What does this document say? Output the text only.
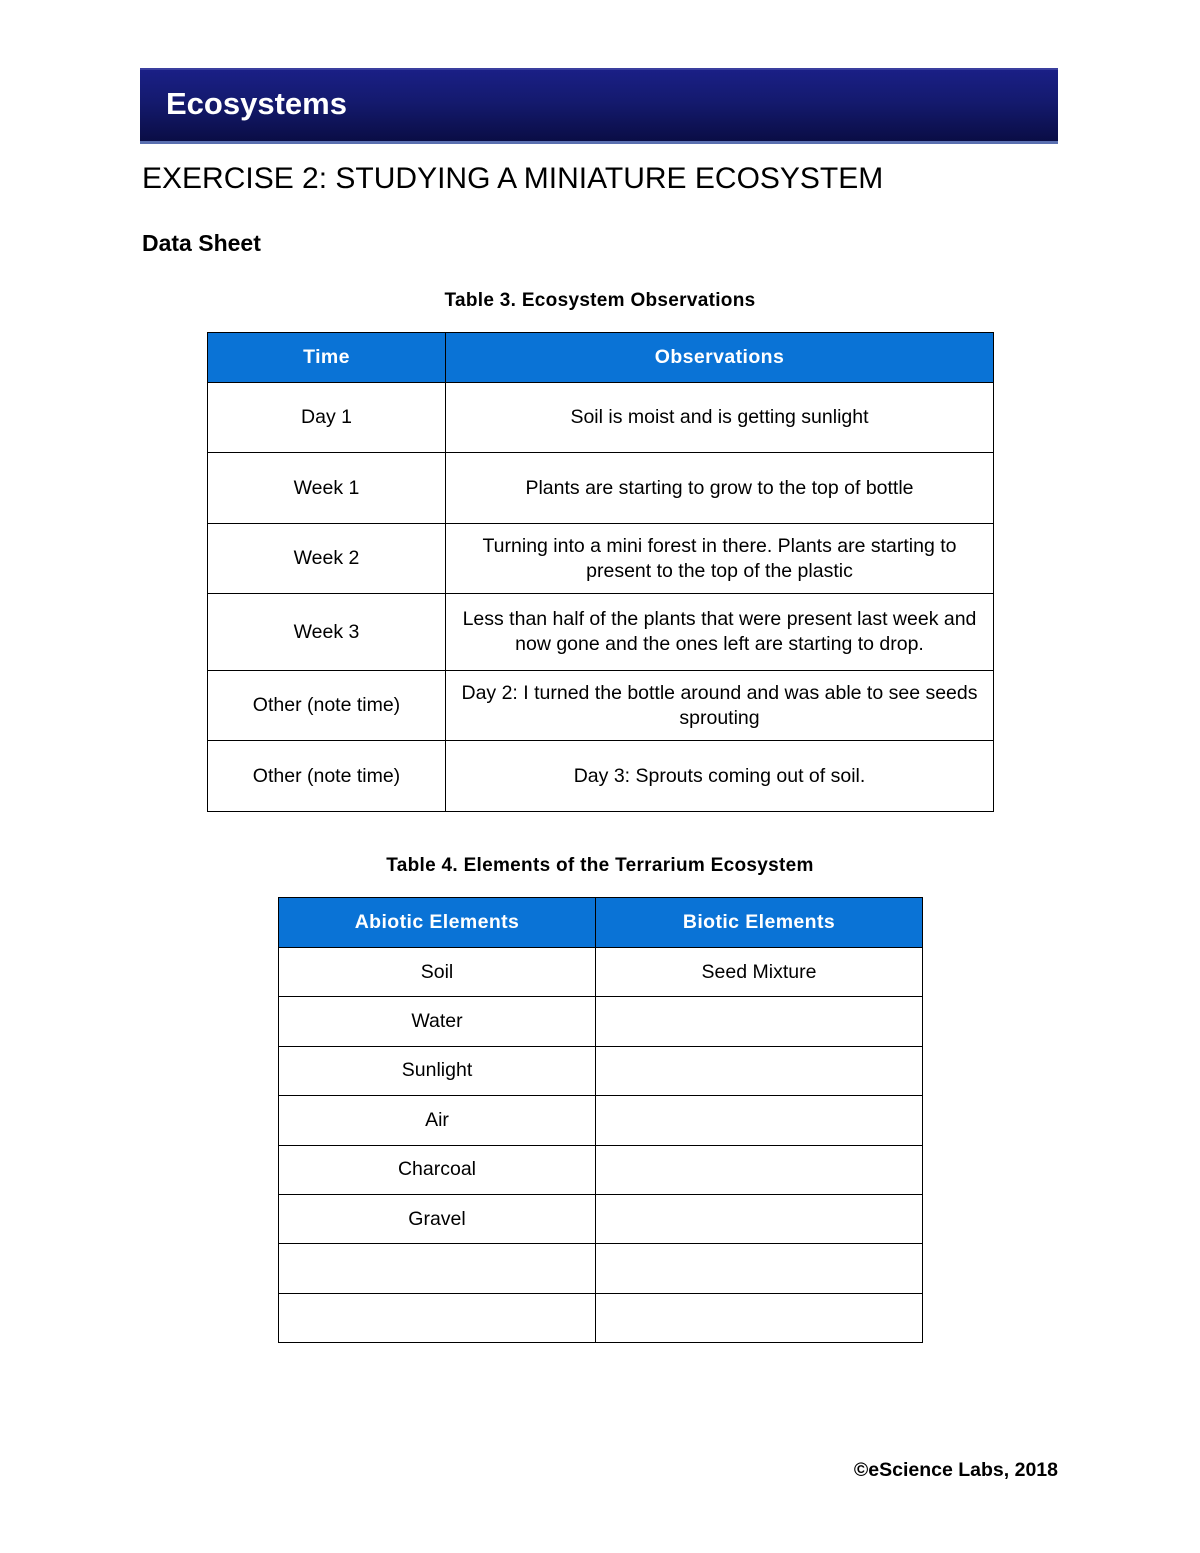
Ecosystems
EXERCISE 2: STUDYING A MINIATURE ECOSYSTEM
Data Sheet
Table 3. Ecosystem Observations
Time	Observations
Day 1	Soil is moist and is getting sunlight
Week 1	Plants are starting to grow to the top of bottle
Week 2	Turning into a mini forest in there. Plants are starting to present to the top of the plastic
Week 3	Less than half of the plants that were present last week and now gone and the ones left are starting to drop.
Other (note time)	Day 2: I turned the bottle around and was able to see seeds sprouting
Other (note time)	Day 3: Sprouts coming out of soil.
Table 4. Elements of the Terrarium Ecosystem
Abiotic Elements	Biotic Elements
Soil	Seed Mixture
Water	
Sunlight	
Air	
Charcoal	
Gravel	

©eScience Labs, 2018
